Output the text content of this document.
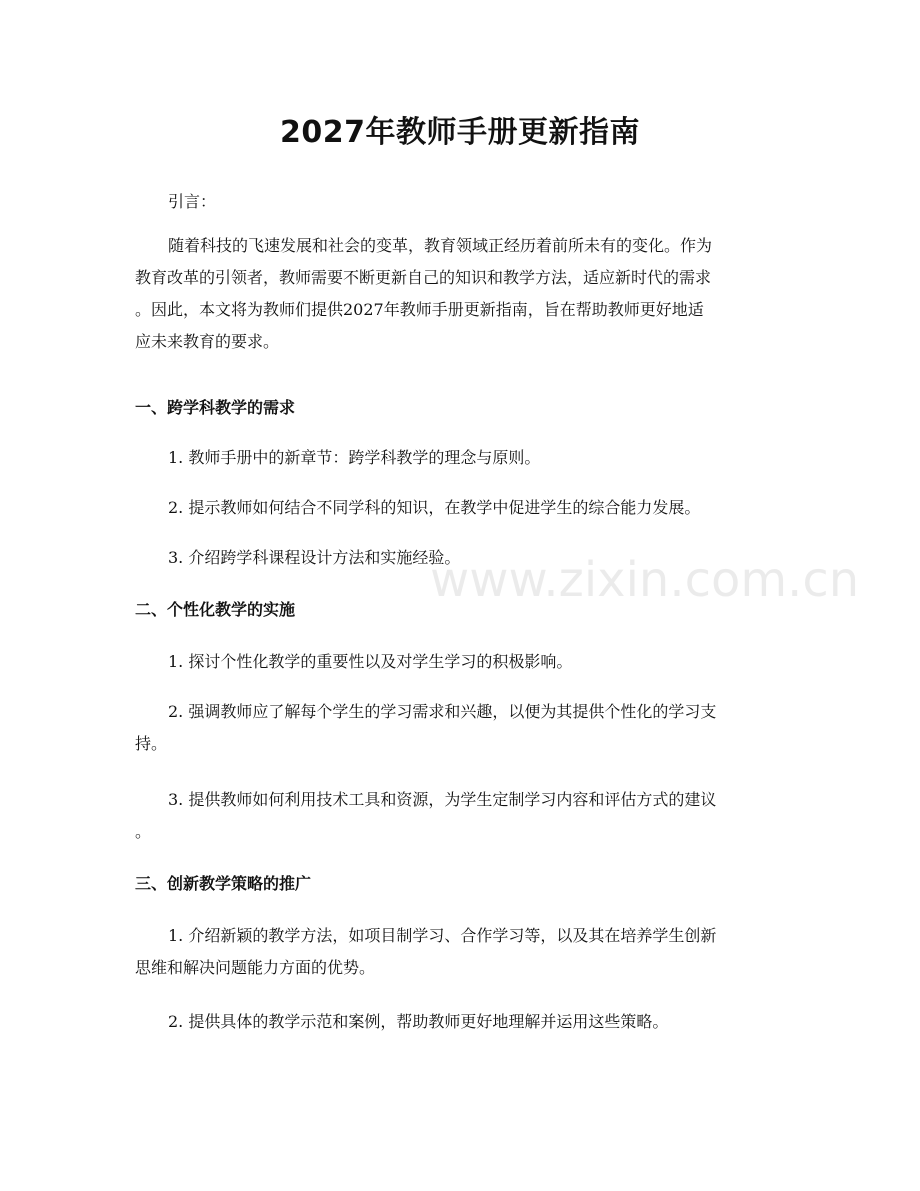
2027年教师手册更新指南

引言：

随着科技的飞速发展和社会的变革，教育领域正经历着前所未有的变化。作为
教育改革的引领者，教师需要不断更新自己的知识和教学方法，适应新时代的需求
。因此，本文将为教师们提供2027年教师手册更新指南，旨在帮助教师更好地适
应未来教育的要求。

一、跨学科教学的需求

1. 教师手册中的新章节：跨学科教学的理念与原则。

2. 提示教师如何结合不同学科的知识，在教学中促进学生的综合能力发展。

3. 介绍跨学科课程设计方法和实施经验。

二、个性化教学的实施

1. 探讨个性化教学的重要性以及对学生学习的积极影响。

2. 强调教师应了解每个学生的学习需求和兴趣，以便为其提供个性化的学习支
持。

3. 提供教师如何利用技术工具和资源，为学生定制学习内容和评估方式的建议
。

三、创新教学策略的推广

1. 介绍新颖的教学方法，如项目制学习、合作学习等，以及其在培养学生创新
思维和解决问题能力方面的优势。

2. 提供具体的教学示范和案例，帮助教师更好地理解并运用这些策略。

www.zixin.com.cn
